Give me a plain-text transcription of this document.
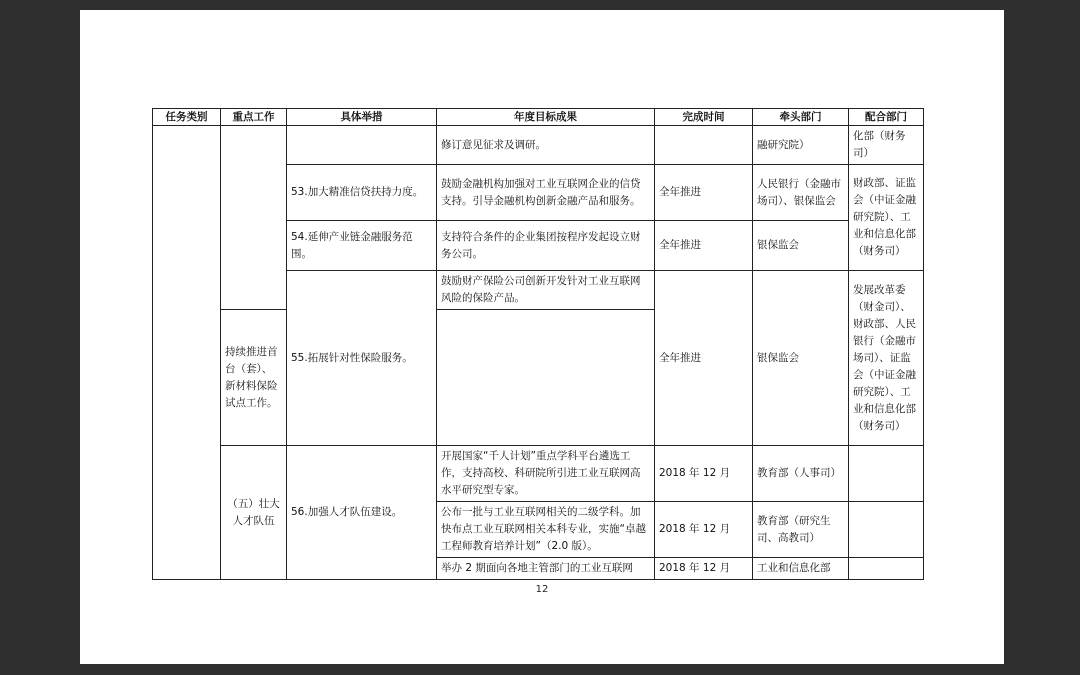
任务类别	重点工作	具体举措	年度目标成果	完成时间	牵头部门	配合部门
			修订意见征求及调研。		融研究院）	化部（财务司）
		53.加大精准信贷扶持力度。	鼓励金融机构加强对工业互联网企业的信贷支持。引导金融机构创新金融产品和服务。	全年推进	人民银行（金融市场司）、银保监会	财政部、证监会（中证金融研究院）、工业和信息化部（财务司）
		54.延伸产业链金融服务范围。	支持符合条件的企业集团按程序发起设立财务公司。	全年推进	银保监会	
		55.拓展针对性保险服务。	鼓励财产保险公司创新开发针对工业互联网风险的保险产品。	全年推进	银保监会	发展改革委（财金司）、财政部、人民银行（金融市场司）、证监会（中证金融研究院）、工业和信息化部（财务司）
	持续推进首台（套）、新材料保险试点工作。					
	（五）壮大人才队伍	56.加强人才队伍建设。	开展国家“千人计划”重点学科平台遴选工作，支持高校、科研院所引进工业互联网高水平研究型专家。	2018 年 12 月	教育部（人事司）	
			公布一批与工业互联网相关的二级学科。加快布点工业互联网相关本科专业，实施“卓越工程师教育培养计划”（2.0 版）。	2018 年 12 月	教育部（研究生司、高教司）	
			举办 2 期面向各地主管部门的工业互联网	2018 年 12 月	工业和信息化部	
12
